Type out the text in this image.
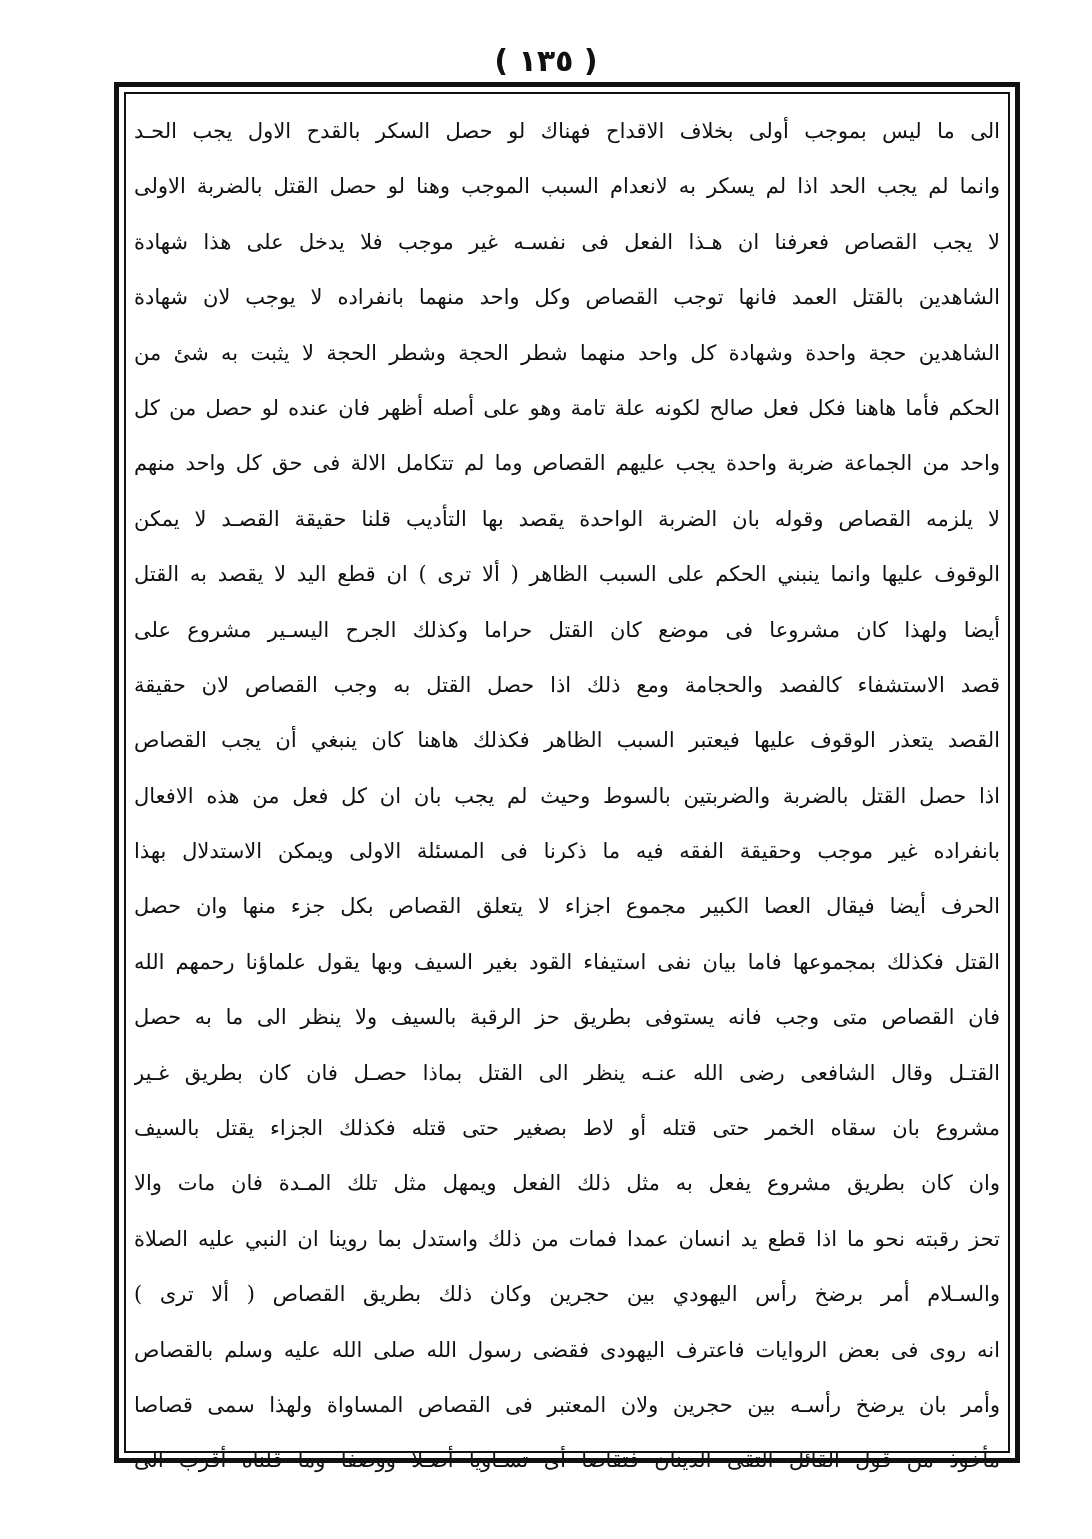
( ١٣٥ )
الى ما ليس بموجب أولى بخلاف الاقداح فهناك لو حصل السكر بالقدح الاول يجب الحـد
وانما لم يجب الحد اذا لم يسكر به لانعدام السبب الموجب وهنا لو حصل القتل بالضربة الاولى
لا يجب القصاص فعرفنا ان هـذا الفعل فى نفسـه غير موجب فلا يدخل على هذا شهادة
الشاهدين بالقتل العمد فانها توجب القصاص وكل واحد منهما بانفراده لا يوجب لان شهادة
الشاهدين حجة واحدة وشهادة كل واحد منهما شطر الحجة وشطر الحجة لا يثبت به شئ من
الحكم فأما هاهنا فكل فعل صالح لكونه علة تامة وهو على أصله أظهر فان عنده لو حصل من كل
واحد من الجماعة ضربة واحدة يجب عليهم القصاص وما لم تتكامل الالة فى حق كل واحد منهم
لا يلزمه القصاص وقوله بان الضربة الواحدة يقصد بها التأديب قلنا حقيقة القصـد لا يمكن
الوقوف عليها وانما ينبني الحكم على السبب الظاهر ( ألا ترى ) ان قطع اليد لا يقصد به القتل
أيضا ولهذا كان مشروعا فى موضع كان القتل حراما وكذلك الجرح اليسـير مشروع على
قصد الاستشفاء كالفصد والحجامة ومع ذلك اذا حصل القتل به وجب القصاص لان حقيقة
القصد يتعذر الوقوف عليها فيعتبر السبب الظاهر فكذلك هاهنا كان ينبغي أن يجب القصاص
اذا حصل القتل بالضربة والضربتين بالسوط وحيث لم يجب بان ان كل فعل من هذه الافعال
بانفراده غير موجب وحقيقة الفقه فيه ما ذكرنا فى المسئلة الاولى ويمكن الاستدلال بهذا
الحرف أيضا فيقال العصا الكبير مجموع اجزاء لا يتعلق القصاص بكل جزء منها وان حصل
القتل فكذلك بمجموعها فاما بيان نفى استيفاء القود بغير السيف وبها يقول علماؤنا رحمهم الله
فان القصاص متى وجب فانه يستوفى بطريق حز الرقبة بالسيف ولا ينظر الى ما به حصل
القتـل وقال الشافعى رضى الله عنـه ينظر الى القتل بماذا حصـل فان كان بطريق غـير
مشروع بان سقاه الخمر حتى قتله أو لاط بصغير حتى قتله فكذلك الجزاء يقتل بالسيف
وان كان بطريق مشروع يفعل به مثل ذلك الفعل ويمهل مثل تلك المـدة فان مات والا
تحز رقبته نحو ما اذا قطع يد انسان عمدا فمات من ذلك واستدل بما روينا ان النبي عليه الصلاة
والسـلام أمر برضخ رأس اليهودي بين حجرين وكان ذلك بطريق القصاص ( ألا ترى )
انه روى فى بعض الروايات فاعترف اليهودى فقضى رسول الله صلى الله عليه وسلم بالقصاص
وأمر بان يرضخ رأسـه بين حجرين ولان المعتبر فى القصاص المساواة ولهذا سمى قصاصا
مأخوذ من قول القائل التقى الدينان فتقاصا أى تسـاويا أصـلا ووصفا وما قلناه أقرب الى
